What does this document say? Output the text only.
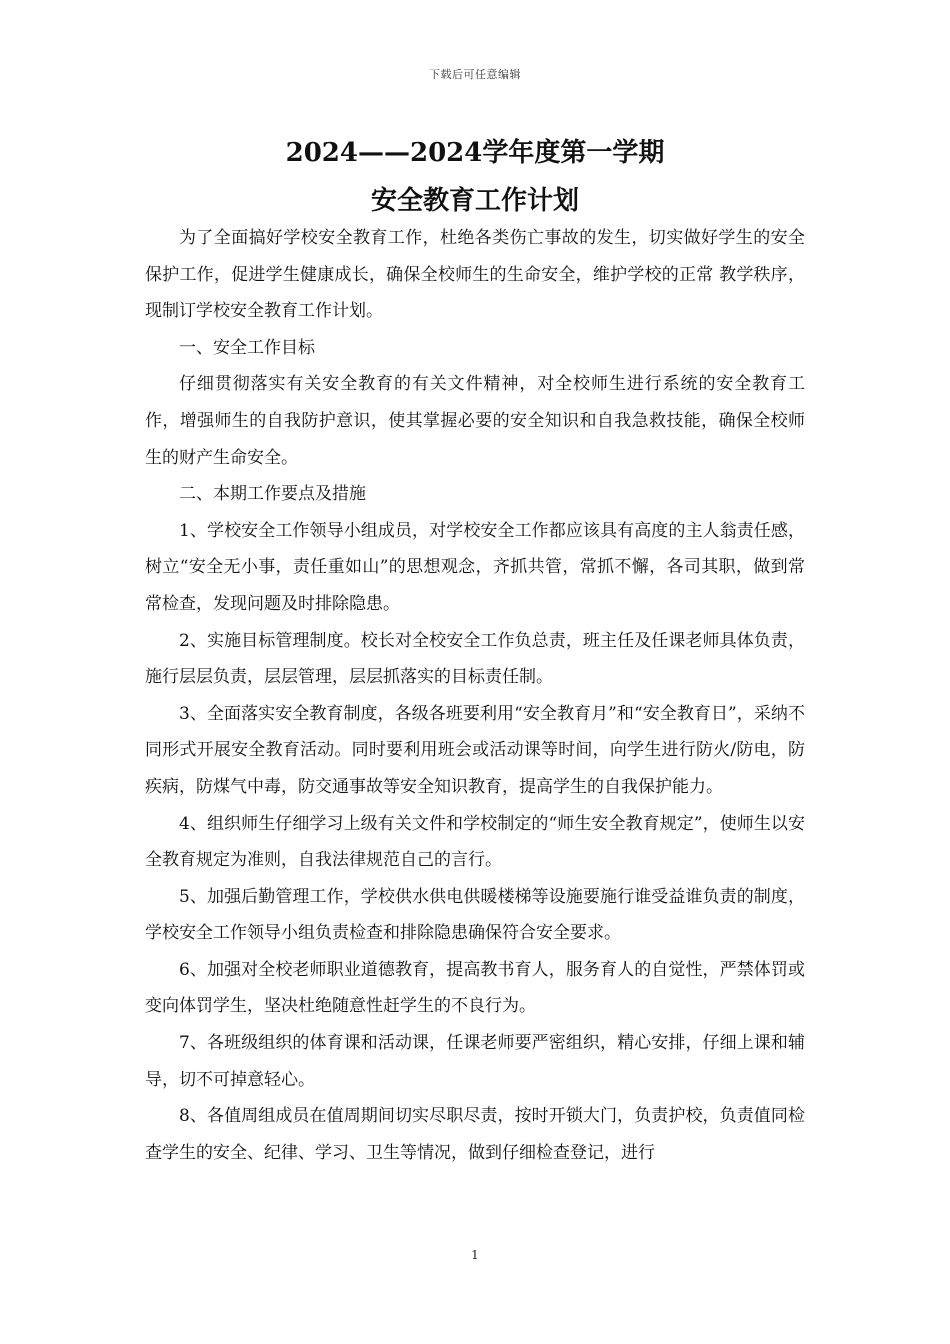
下载后可任意编辑
2024——2024学年度第一学期
安全教育工作计划

为了全面搞好学校安全教育工作，杜绝各类伤亡事故的发生，切实做好学生的安全保护工作，促进学生健康成长，确保全校师生的生命安全，维护学校的正常 教学秩序，现制订学校安全教育工作计划。

一、安全工作目标

仔细贯彻落实有关安全教育的有关文件精神，对全校师生进行系统的安全教育工作，增强师生的自我防护意识，使其掌握必要的安全知识和自我急救技能，确保全校师生的财产生命安全。

二、本期工作要点及措施

1、学校安全工作领导小组成员，对学校安全工作都应该具有高度的主人翁责任感，树立“安全无小事，责任重如山”的思想观念，齐抓共管，常抓不懈，各司其职，做到常常检查，发现问题及时排除隐患。

2、实施目标管理制度。校长对全校安全工作负总责，班主任及任课老师具体负责，施行层层负责，层层管理，层层抓落实的目标责任制。

3、全面落实安全教育制度，各级各班要利用“安全教育月”和“安全教育日”，采纳不同形式开展安全教育活动。同时要利用班会或活动课等时间，向学生进行防火/防电，防疾病，防煤气中毒，防交通事故等安全知识教育，提高学生的自我保护能力。

4、组织师生仔细学习上级有关文件和学校制定的“师生安全教育规定”，使师生以安全教育规定为准则，自我法律规范自己的言行。

5、加强后勤管理工作，学校供水供电供暖楼梯等设施要施行谁受益谁负责的制度，学校安全工作领导小组负责检查和排除隐患确保符合安全要求。

6、加强对全校老师职业道德教育，提高教书育人，服务育人的自觉性，严禁体罚或变向体罚学生，坚决杜绝随意性赶学生的不良行为。

7、各班级组织的体育课和活动课，任课老师要严密组织，精心安排，仔细上课和辅导，切不可掉意轻心。

8、各值周组成员在值周期间切实尽职尽责，按时开锁大门，负责护校，负责值同检查学生的安全、纪律、学习、卫生等情况，做到仔细检查登记，进行

1
